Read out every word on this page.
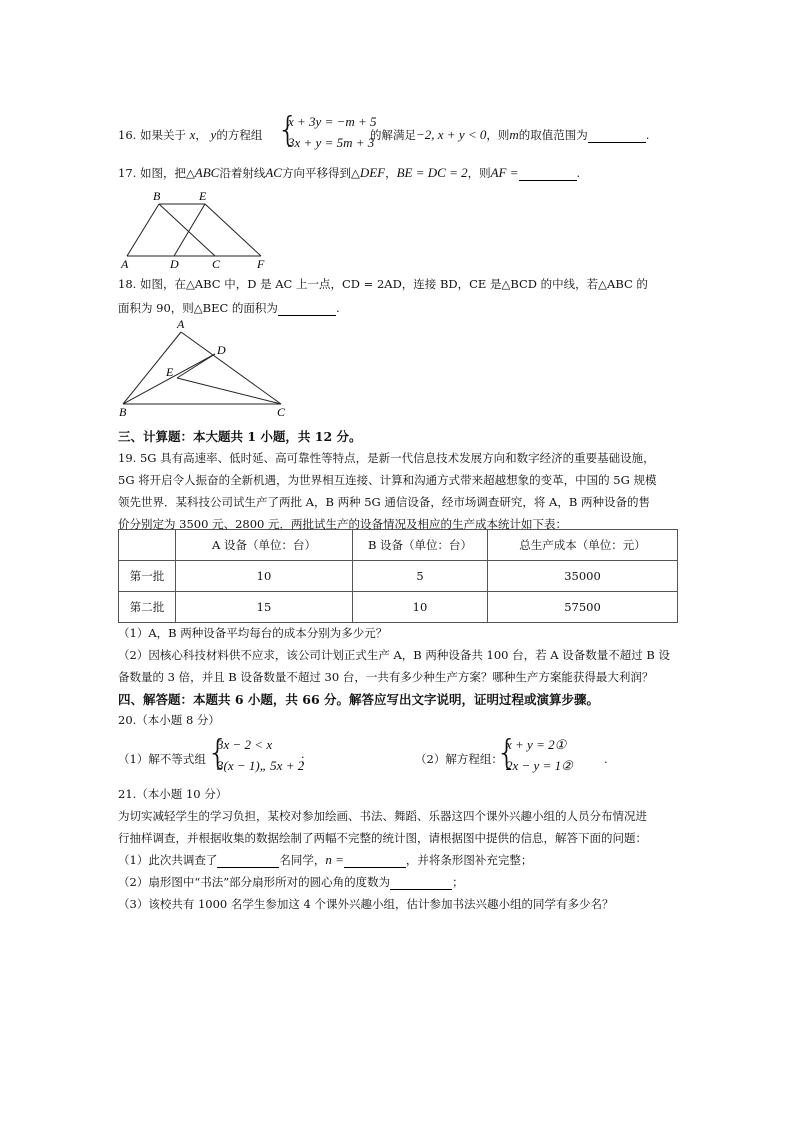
16. 如果关于 x， y的方程组 {
x + 3y = −m + 5
3x + y = 5m + 3
的解满足−2, x + y < 0，则m的取值范围为	.
17. 如图，把△ABC沿着射线AC方向平移得到△DEF，BE = DC = 2，则AF =	.
B	E
A	D	C	F
18. 如图，在△ABC 中，D 是 AC 上一点，CD = 2AD，连接 BD，CE 是△BCD 的中线，若△ABC 的
面积为 90，则△BEC 的面积为	.
A
D
E
B	C
三、计算题：本大题共 1 小题，共 12 分。
19. 5G 具有高速率、低时延、高可靠性等特点，是新一代信息技术发展方向和数字经济的重要基础设施，
5G 将开启令人振奋的全新机遇，为世界相互连接、计算和沟通方式带来超越想象的变革，中国的 5G 规模
领先世界．某科技公司试生产了两批 A，B 两种 5G 通信设备，经市场调查研究，将 A，B 两种设备的售
价分别定为 3500 元、2800 元．两批试生产的设备情况及相应的生产成本统计如下表：
	A 设备（单位：台）	B 设备（单位：台）	总生产成本（单位：元）
第一批	10	5	35000
第二批	15	10	57500
（1）A，B 两种设备平均每台的成本分别为多少元？
（2）因核心科技材料供不应求，该公司计划正式生产 A，B 两种设备共 100 台，若 A 设备数量不超过 B 设
备数量的 3 倍，并且 B 设备数量不超过 30 台，一共有多少种生产方案？哪种生产方案能获得最大利润？
四、解答题：本题共 6 小题，共 66 分。解答应写出文字说明，证明过程或演算步骤。
20.（本小题 8 分）
（1）解不等式组 {
3x − 2 < x
3(x − 1)„ 5x + 2
；	（2）解方程组：
{
x + y = 2①
2x − y = 1②	.
21.（本小题 10 分）
为切实减轻学生的学习负担，某校对参加绘画、书法、舞蹈、乐器这四个课外兴趣小组的人员分布情况进
行抽样调查，并根据收集的数据绘制了两幅不完整的统计图，请根据图中提供的信息，解答下面的问题：
（1）此次共调查了	名同学，n =	，并将条形图补充完整；
（2）扇形图中“书法”部分扇形所对的圆心角的度数为	；
（3）该校共有 1000 名学生参加这 4 个课外兴趣小组，估计参加书法兴趣小组的同学有多少名？
